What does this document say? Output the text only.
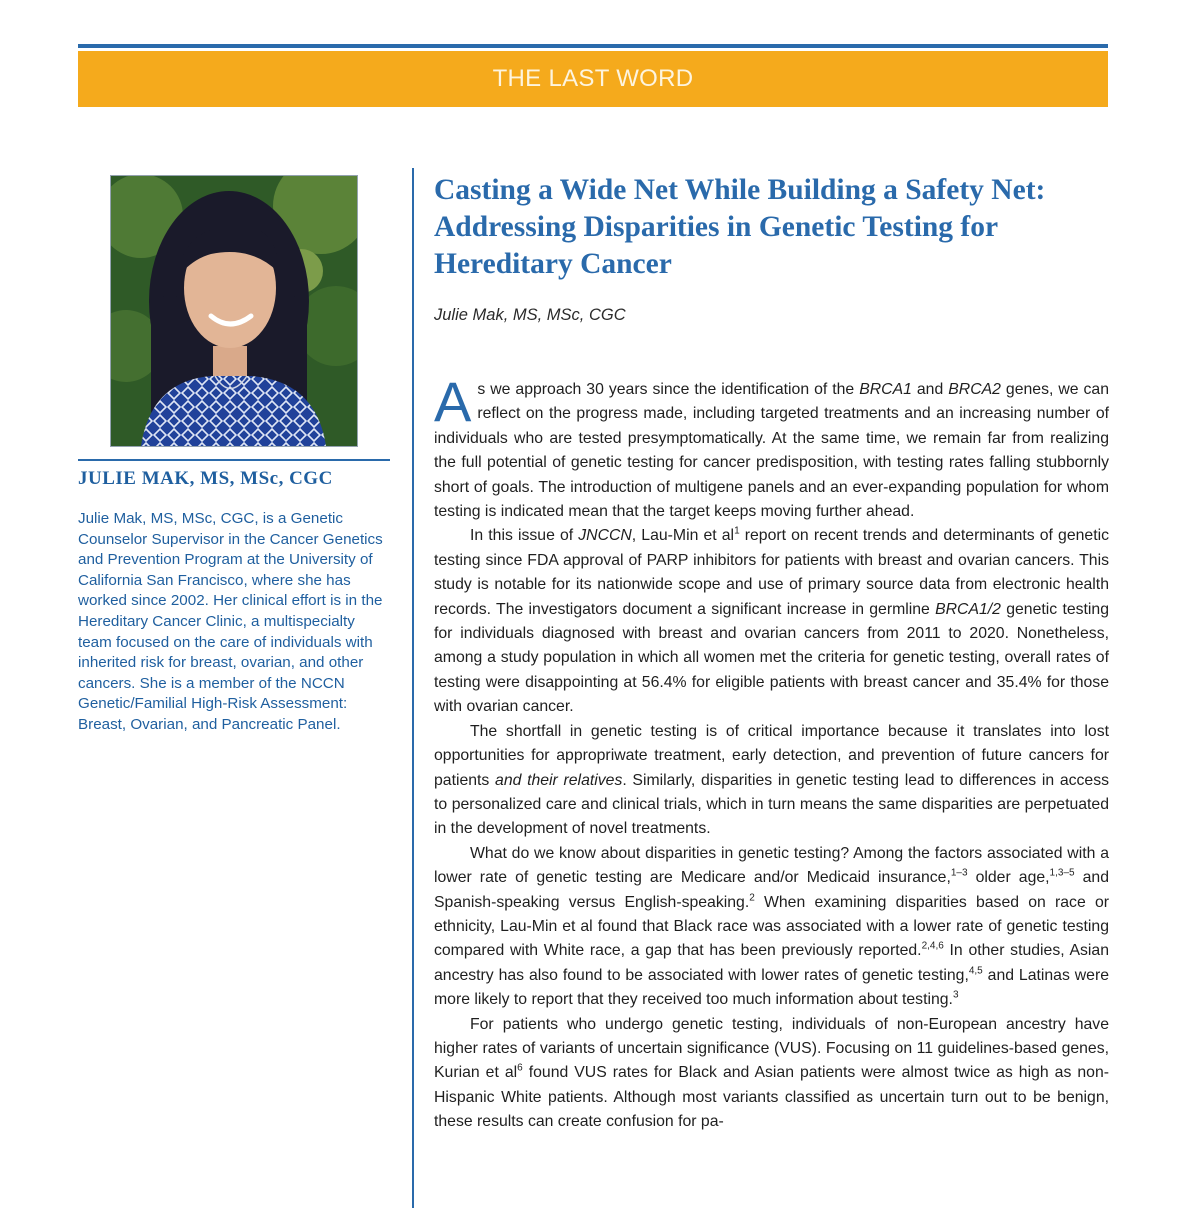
THE LAST WORD
JULIE MAK, MS, MSc, CGC

Julie Mak, MS, MSc, CGC, is a Genetic Counselor Supervisor in the Cancer Genetics and Prevention Program at the University of California San Francisco, where she has worked since 2002. Her clinical effort is in the Hereditary Cancer Clinic, a multispecialty team focused on the care of individuals with inherited risk for breast, ovarian, and other cancers. She is a member of the NCCN Genetic/Familial High-Risk Assessment: Breast, Ovarian, and Pancreatic Panel.

Casting a Wide Net While Building a Safety Net: Addressing Disparities in Genetic Testing for Hereditary Cancer

Julie Mak, MS, MSc, CGC

As we approach 30 years since the identification of the BRCA1 and BRCA2 genes, we can reflect on the progress made, including targeted treatments and an increasing number of individuals who are tested presymptomatically. At the same time, we remain far from realizing the full potential of genetic testing for cancer predisposition, with testing rates falling stubbornly short of goals. The introduction of multigene panels and an ever-expanding population for whom testing is indicated mean that the target keeps moving further ahead.

In this issue of JNCCN, Lau-Min et $al^1$ report on recent trends and determinants of genetic testing since FDA approval of PARP inhibitors for patients with breast and ovarian cancers. This study is notable for its nationwide scope and use of primary source data from electronic health records. The investigators document a significant increase in germline BRCA1/2 genetic testing for individuals diagnosed with breast and ovarian cancers from 2011 to 2020. Nonetheless, among a study population in which all women met the criteria for genetic testing, overall rates of testing were disappointing at 56.4% for eligible patients with breast cancer and 35.4% for those with ovarian cancer.

The shortfall in genetic testing is of critical importance because it translates into lost opportunities for appropriwate treatment, early detection, and prevention of future cancers for patients and their relatives. Similarly, disparities in genetic testing lead to differences in access to personalized care and clinical trials, which in turn means the same disparities are perpetuated in the development of novel treatments.

What do we know about disparities in genetic testing? Among the factors associated with a lower rate of genetic testing are Medicare and/or Medicaid insurance,$^{1-3}$ older age,$^{1,3-5}$ and Spanish-speaking versus English-speaking.$^2$ When examining disparities based on race or ethnicity, Lau-Min et al found that Black race was associated with a lower rate of genetic testing compared with White race, a gap that has been previously reported.$^{2,4,6}$ In other studies, Asian ancestry has also found to be associated with lower rates of genetic testing,$^{4,5}$ and Latinas were more likely to report that they received too much information about testing.$^3$

For patients who undergo genetic testing, individuals of non-European ancestry have higher rates of variants of uncertain significance (VUS). Focusing on 11 guidelines-based genes, Kurian et $al^6$ found VUS rates for Black and Asian patients were almost twice as high as non-Hispanic White patients. Although most variants classified as uncertain turn out to be benign, these results can create confusion for pa-
